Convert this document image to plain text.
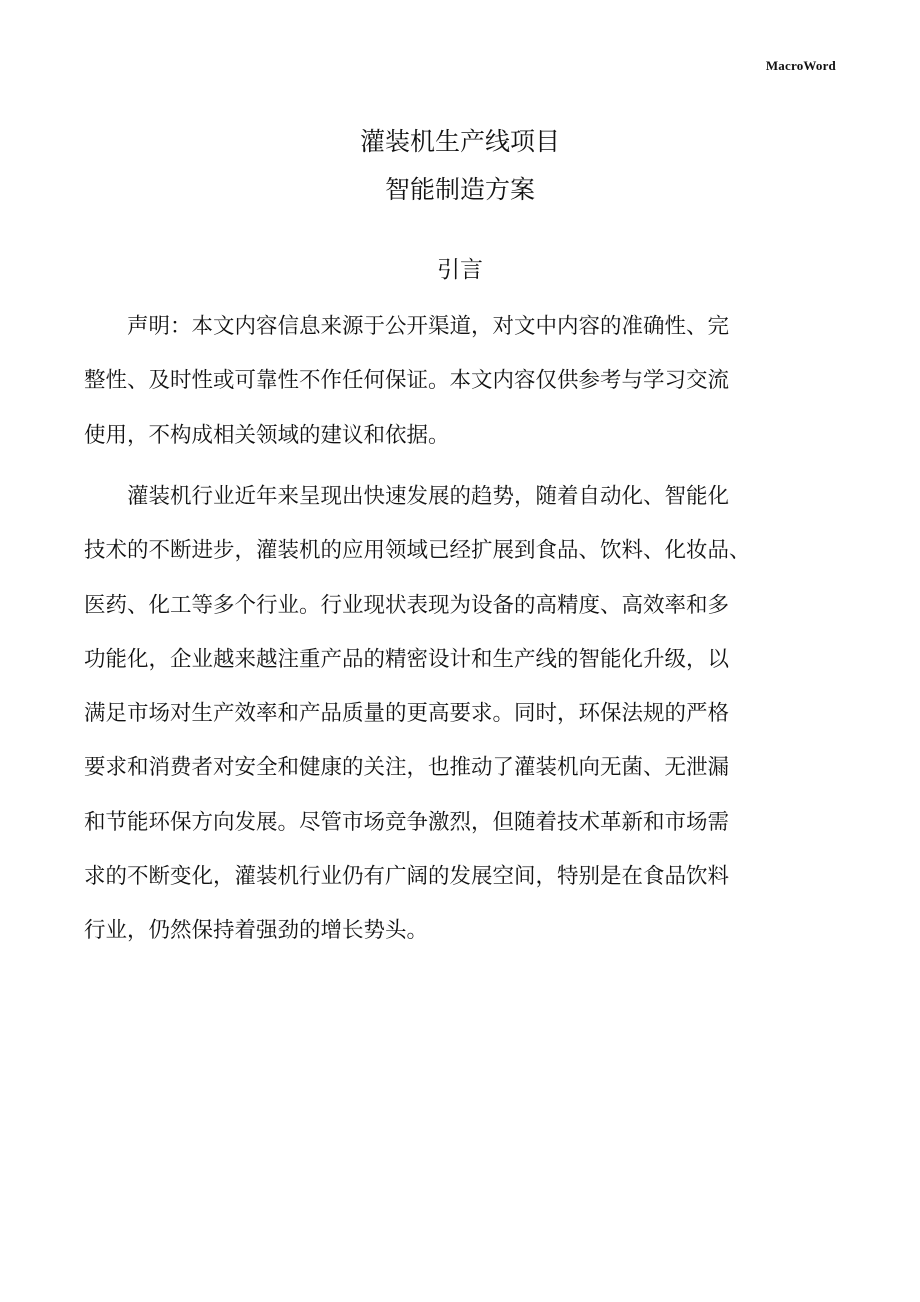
MacroWord
灌装机生产线项目
智能制造方案
引言
　　声明：本文内容信息来源于公开渠道，对文中内容的准确性、完
整性、及时性或可靠性不作任何保证。本文内容仅供参考与学习交流
使用，不构成相关领域的建议和依据。
　　灌装机行业近年来呈现出快速发展的趋势，随着自动化、智能化
技术的不断进步，灌装机的应用领域已经扩展到食品、饮料、化妆品、
医药、化工等多个行业。行业现状表现为设备的高精度、高效率和多
功能化，企业越来越注重产品的精密设计和生产线的智能化升级，以
满足市场对生产效率和产品质量的更高要求。同时，环保法规的严格
要求和消费者对安全和健康的关注，也推动了灌装机向无菌、无泄漏
和节能环保方向发展。尽管市场竞争激烈，但随着技术革新和市场需
求的不断变化，灌装机行业仍有广阔的发展空间，特别是在食品饮料
行业，仍然保持着强劲的增长势头。
